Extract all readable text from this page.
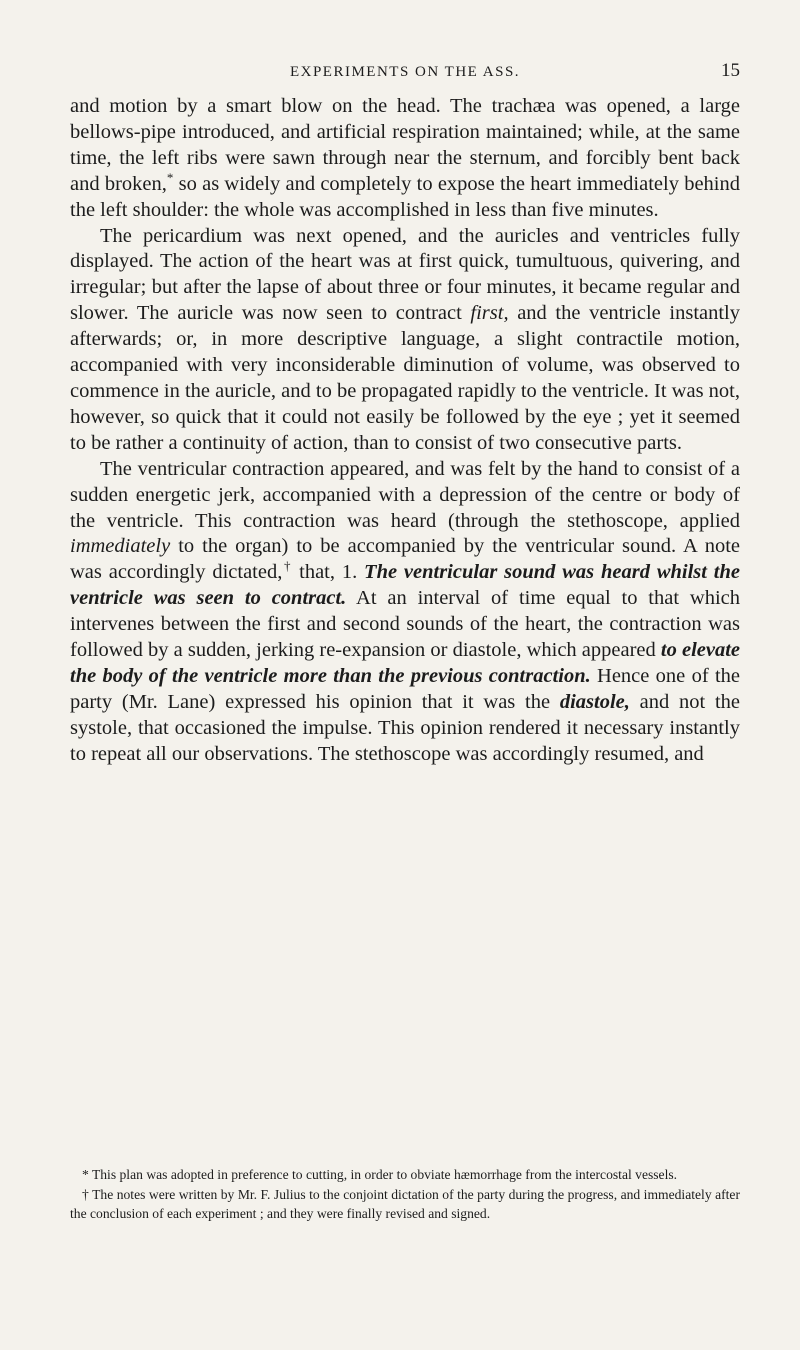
EXPERIMENTS ON THE ASS.	15

and motion by a smart blow on the head. The trachæa was opened, a large bellows-pipe introduced, and artificial respiration maintained; while, at the same time, the left ribs were sawn through near the sternum, and forcibly bent back and broken,* so as widely and completely to expose the heart immediately behind the left shoulder: the whole was accomplished in less than five minutes.

The pericardium was next opened, and the auricles and ventricles fully displayed. The action of the heart was at first quick, tumultuous, quivering, and irregular; but after the lapse of about three or four minutes, it became regular and slower. The auricle was now seen to contract first, and the ventricle instantly afterwards; or, in more descriptive language, a slight contractile motion, accompanied with very inconsiderable diminution of volume, was observed to commence in the auricle, and to be propagated rapidly to the ventricle. It was not, however, so quick that it could not easily be followed by the eye ; yet it seemed to be rather a continuity of action, than to consist of two consecutive parts.

The ventricular contraction appeared, and was felt by the hand to consist of a sudden energetic jerk, accompanied with a depression of the centre or body of the ventricle. This contraction was heard (through the stethoscope, applied immediately to the organ) to be accompanied by the ventricular sound. A note was accordingly dictated,† that, 1. The ventricular sound was heard whilst the ventricle was seen to contract. At an interval of time equal to that which intervenes between the first and second sounds of the heart, the contraction was followed by a sudden, jerking re-expansion or diastole, which appeared to elevate the body of the ventricle more than the previous contraction. Hence one of the party (Mr. Lane) expressed his opinion that it was the diastole, and not the systole, that occasioned the impulse. This opinion rendered it necessary instantly to repeat all our observations. The stethoscope was accordingly resumed, and

* This plan was adopted in preference to cutting, in order to obviate hæmorrhage from the intercostal vessels.

† The notes were written by Mr. F. Julius to the conjoint dictation of the party during the progress, and immediately after the conclusion of each experiment ; and they were finally revised and signed.
